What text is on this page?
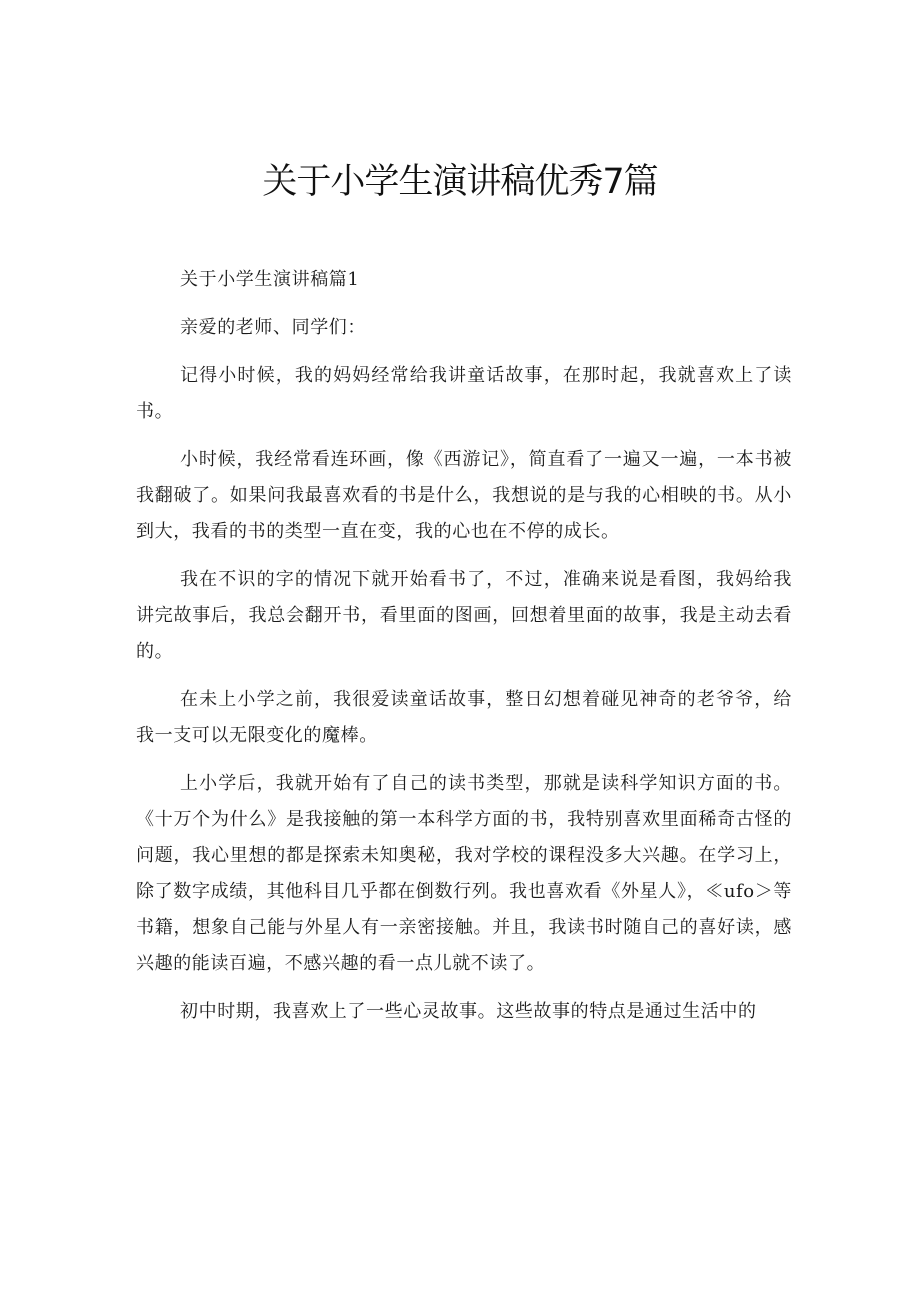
关于小学生演讲稿优秀7篇

关于小学生演讲稿篇1

亲爱的老师、同学们：

记得小时候，我的妈妈经常给我讲童话故事，在那时起，我就喜欢上了读书。

小时候，我经常看连环画，像《西游记》，简直看了一遍又一遍，一本书被我翻破了。如果问我最喜欢看的书是什么，我想说的是与我的心相映的书。从小到大，我看的书的类型一直在变，我的心也在不停的成长。

我在不识的字的情况下就开始看书了，不过，准确来说是看图，我妈给我讲完故事后，我总会翻开书，看里面的图画，回想着里面的故事，我是主动去看的。

在未上小学之前，我很爱读童话故事，整日幻想着碰见神奇的老爷爷，给我一支可以无限变化的魔棒。

上小学后，我就开始有了自己的读书类型，那就是读科学知识方面的书。《十万个为什么》是我接触的第一本科学方面的书，我特别喜欢里面稀奇古怪的问题，我心里想的都是探索未知奥秘，我对学校的课程没多大兴趣。在学习上，除了数字成绩，其他科目几乎都在倒数行列。我也喜欢看《外星人》，≪ufo＞等书籍，想象自己能与外星人有一亲密接触。并且，我读书时随自己的喜好读，感兴趣的能读百遍，不感兴趣的看一点儿就不读了。

初中时期，我喜欢上了一些心灵故事。这些故事的特点是通过生活中的
